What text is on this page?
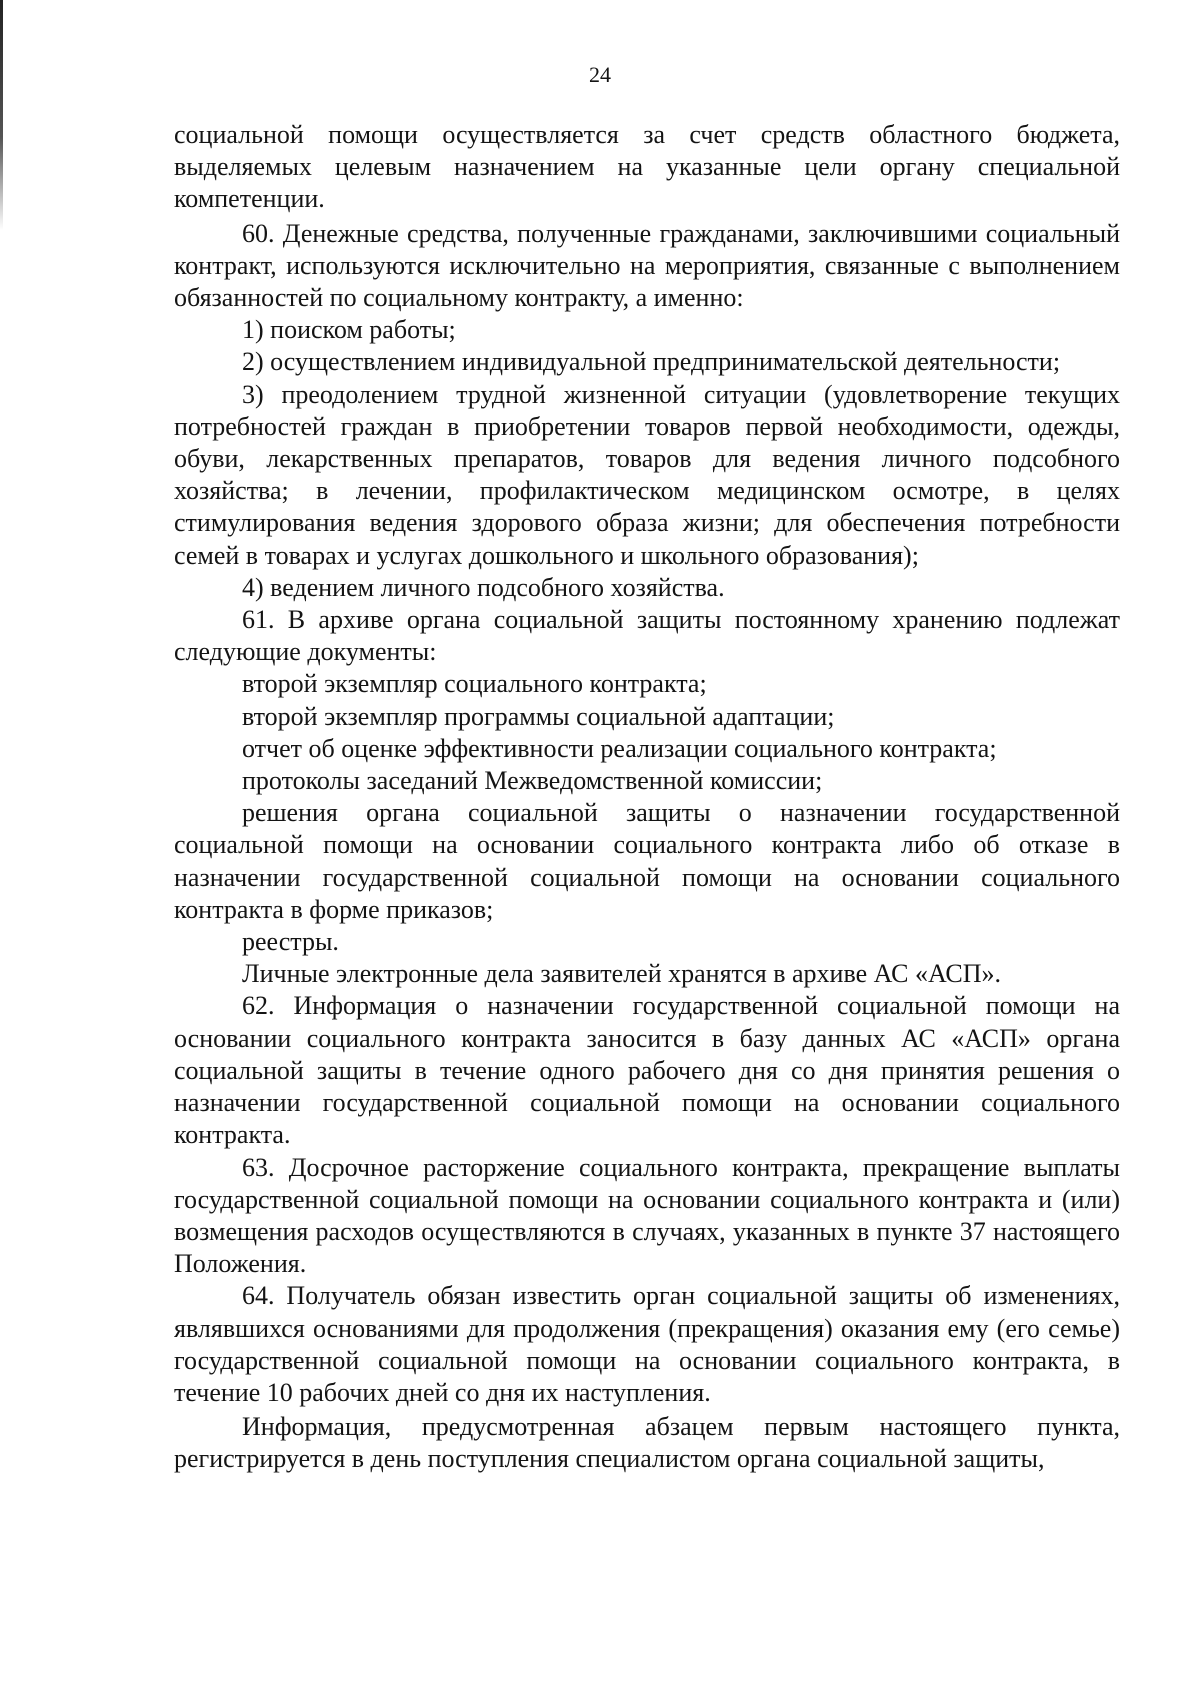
24

социальной помощи осуществляется за счет средств областного бюджета, выделяемых целевым назначением на указанные цели органу специальной компетенции.

60. Денежные средства, полученные гражданами, заключившими социальный контракт, используются исключительно на мероприятия, связанные с выполнением обязанностей по социальному контракту, а именно:

1) поиском работы;

2) осуществлением индивидуальной предпринимательской деятельности;

3) преодолением трудной жизненной ситуации (удовлетворение текущих потребностей граждан в приобретении товаров первой необходимости, одежды, обуви, лекарственных препаратов, товаров для ведения личного подсобного хозяйства; в лечении, профилактическом медицинском осмотре, в целях стимулирования ведения здорового образа жизни; для обеспечения потребности семей в товарах и услугах дошкольного и школьного образования);

4) ведением личного подсобного хозяйства.

61. В архиве органа социальной защиты постоянному хранению подлежат следующие документы:

второй экземпляр социального контракта;

второй экземпляр программы социальной адаптации;

отчет об оценке эффективности реализации социального контракта;

протоколы заседаний Межведомственной комиссии;

решения органа социальной защиты о назначении государственной социальной помощи на основании социального контракта либо об отказе в назначении государственной социальной помощи на основании социального контракта в форме приказов;

реестры.

Личные электронные дела заявителей хранятся в архиве АС «АСП».

62. Информация о назначении государственной социальной помощи на основании социального контракта заносится в базу данных АС «АСП» органа социальной защиты в течение одного рабочего дня со дня принятия решения о назначении государственной социальной помощи на основании социального контракта.

63. Досрочное расторжение социального контракта, прекращение выплаты государственной социальной помощи на основании социального контракта и (или) возмещения расходов осуществляются в случаях, указанных в пункте 37 настоящего Положения.

64. Получатель обязан известить орган социальной защиты об изменениях, являвшихся основаниями для продолжения (прекращения) оказания ему (его семье) государственной социальной помощи на основании социального контракта, в течение 10 рабочих дней со дня их наступления.

Информация, предусмотренная абзацем первым настоящего пункта, регистрируется в день поступления специалистом органа социальной защиты,
